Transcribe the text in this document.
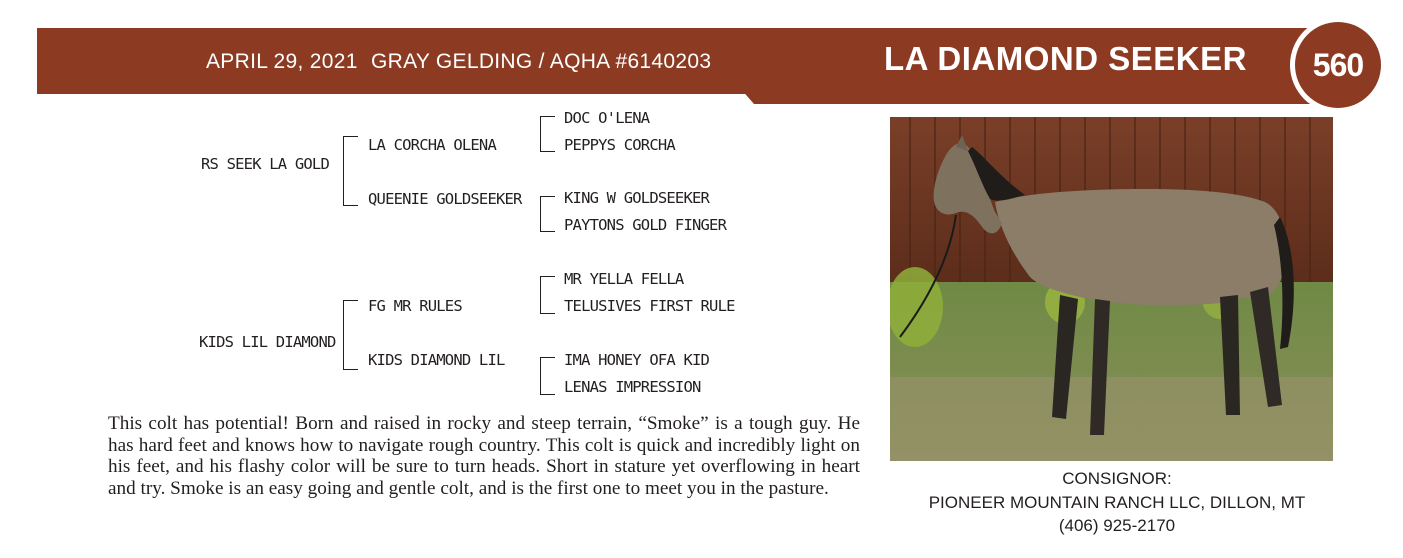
APRIL 29, 2021 GRAY GELDING / AQHA #6140203	LA DIAMOND SEEKER	560
RS SEEK LA GOLD
LA CORCHA OLENA
QUEENIE GOLDSEEKER
DOC O'LENA
PEPPYS CORCHA
KING W GOLDSEEKER
PAYTONS GOLD FINGER
KIDS LIL DIAMOND
FG MR RULES
KIDS DIAMOND LIL
MR YELLA FELLA
TELUSIVES FIRST RULE
IMA HONEY OFA KID
LENAS IMPRESSION
This colt has potential! Born and raised in rocky and steep terrain, “Smoke” is a tough guy. He has hard feet and knows how to navigate rough country. This colt is quick and incredibly light on his feet, and his flashy color will be sure to turn heads. Short in stature yet overflowing in heart and try. Smoke is an easy going and gentle colt, and is the first one to meet you in the pasture.	CONSIGNOR:
PIONEER MOUNTAIN RANCH LLC, DILLON, MT
(406) 925-2170
